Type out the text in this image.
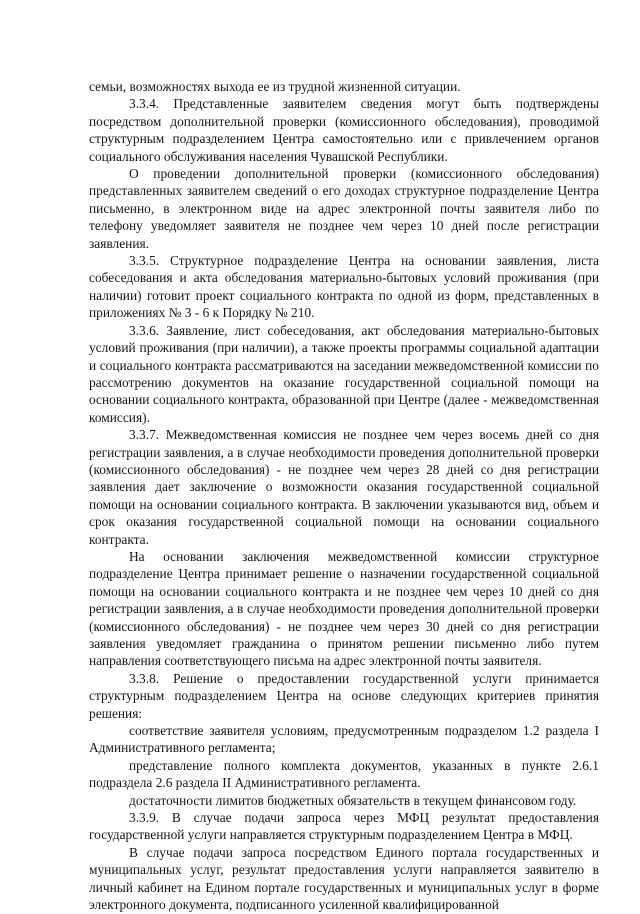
семьи, возможностях выхода ее из трудной жизненной ситуации.

3.3.4. Представленные заявителем сведения могут быть подтверждены посредством дополнительной проверки (комиссионного обследования), проводимой структурным подразделением Центра самостоятельно или с привлечением органов социального обслуживания населения Чувашской Республики.

О проведении дополнительной проверки (комиссионного обследования) представленных заявителем сведений о его доходах структурное подразделение Центра письменно, в электронном виде на адрес электронной почты заявителя либо по телефону уведомляет заявителя не позднее чем через 10 дней после регистрации заявления.

3.3.5. Структурное подразделение Центра на основании заявления, листа собеседования и акта обследования материально-бытовых условий проживания (при наличии) готовит проект социального контракта по одной из форм, представленных в приложениях № 3 - 6 к Порядку № 210.

3.3.6. Заявление, лист собеседования, акт обследования материально-бытовых условий проживания (при наличии), а также проекты программы социальной адаптации и социального контракта рассматриваются на заседании межведомственной комиссии по рассмотрению документов на оказание государственной социальной помощи на основании социального контракта, образованной при Центре (далее - межведомственная комиссия).

3.3.7. Межведомственная комиссия не позднее чем через восемь дней со дня регистрации заявления, а в случае необходимости проведения дополнительной проверки (комиссионного обследования) - не позднее чем через 28 дней со дня регистрации заявления дает заключение о возможности оказания государственной социальной помощи на основании социального контракта. В заключении указываются вид, объем и срок оказания государственной социальной помощи на основании социального контракта.

На основании заключения межведомственной комиссии структурное подразделение Центра принимает решение о назначении государственной социальной помощи на основании социального контракта и не позднее чем через 10 дней со дня регистрации заявления, а в случае необходимости проведения дополнительной проверки (комиссионного обследования) - не позднее чем через 30 дней со дня регистрации заявления уведомляет гражданина о принятом решении письменно либо путем направления соответствующего письма на адрес электронной почты заявителя.

3.3.8. Решение о предоставлении государственной услуги принимается структурным подразделением Центра на основе следующих критериев принятия решения:

соответствие заявителя условиям, предусмотренным подразделом 1.2 раздела I Административного регламента;

представление полного комплекта документов, указанных в пункте 2.6.1 подраздела 2.6 раздела II Административного регламента.

достаточности лимитов бюджетных обязательств в текущем финансовом году.

3.3.9. В случае подачи запроса через МФЦ результат предоставления государственной услуги направляется структурным подразделением Центра в МФЦ.

В случае подачи запроса посредством Единого портала государственных и муниципальных услуг, результат предоставления услуги направляется заявителю в личный кабинет на Едином портале государственных и муниципальных услуг в форме электронного документа, подписанного усиленной квалифицированной
